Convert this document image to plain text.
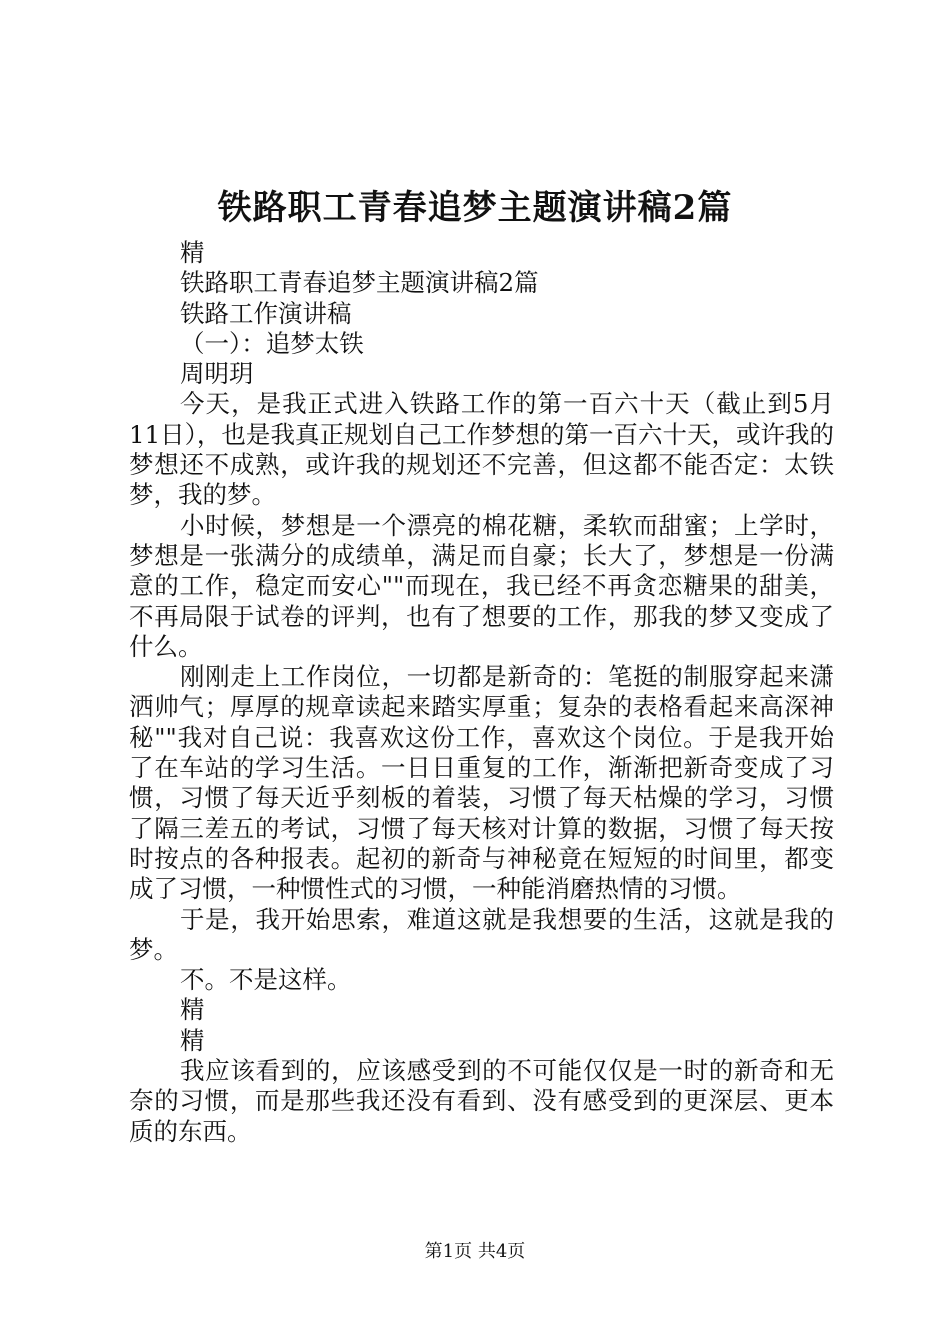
铁路职工青春追梦主题演讲稿2篇
精
铁路职工青春追梦主题演讲稿2篇
铁路工作演讲稿
（一）：追梦太铁
周明玥
今天，是我正式进入铁路工作的第一百六十天（截止到5月11日），也是我真正规划自己工作梦想的第一百六十天，或许我的梦想还不成熟，或许我的规划还不完善，但这都不能否定：太铁梦，我的梦。
小时候，梦想是一个漂亮的棉花糖，柔软而甜蜜；上学时，梦想是一张满分的成绩单，满足而自豪；长大了，梦想是一份满意的工作，稳定而安心""而现在，我已经不再贪恋糖果的甜美，不再局限于试卷的评判，也有了想要的工作，那我的梦又变成了什么。
刚刚走上工作岗位，一切都是新奇的：笔挺的制服穿起来潇洒帅气；厚厚的规章读起来踏实厚重；复杂的表格看起来高深神秘""我对自己说：我喜欢这份工作，喜欢这个岗位。于是我开始了在车站的学习生活。一日日重复的工作，渐渐把新奇变成了习惯，习惯了每天近乎刻板的着装，习惯了每天枯燥的学习，习惯了隔三差五的考试，习惯了每天核对计算的数据，习惯了每天按时按点的各种报表。起初的新奇与神秘竟在短短的时间里，都变成了习惯，一种惯性式的习惯，一种能消磨热情的习惯。
于是，我开始思索，难道这就是我想要的生活，这就是我的梦。
不。不是这样。
精
精
我应该看到的，应该感受到的不可能仅仅是一时的新奇和无奈的习惯，而是那些我还没有看到、没有感受到的更深层、更本质的东西。
第1页 共4页
